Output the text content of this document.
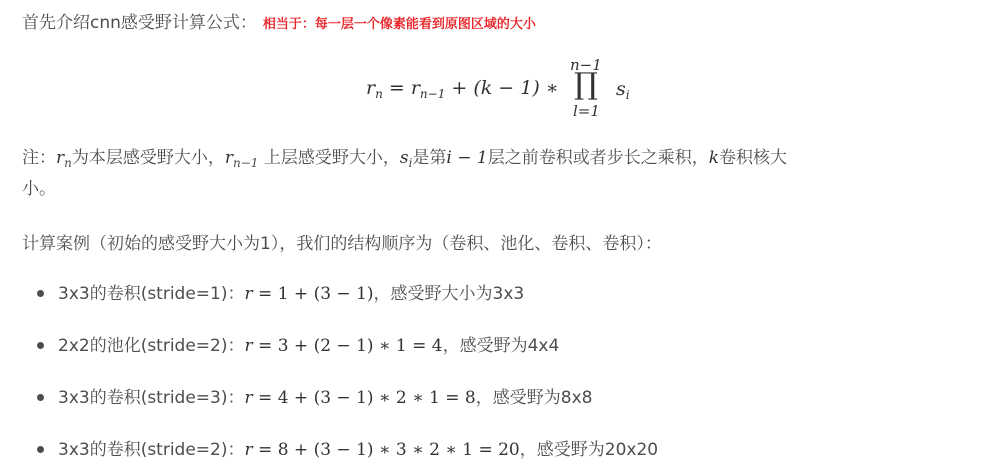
首先介绍cnn感受野计算公式： 相当于：每一层一个像素能看到原图区域的大小
$r_n = r_{n-1} + (k - 1)$ ∗
n−1
∏
l=1
$s_i$
注：$r_n$为本层感受野大小，$r_{n-1}$ 上层感受野大小，$s_i$是第i − 1层之前卷积或者步长之乘积，k卷积核大
小。
计算案例（初始的感受野大小为1），我们的结构顺序为（卷积、池化、卷积、卷积）：
3x3的卷积(stride=1)：r = 1 + (3 − 1)，感受野大小为3x3
2x2的池化(stride=2)：r = 3 + (2 − 1) ∗ 1 = 4，感受野为4x4
3x3的卷积(stride=3)：r = 4 + (3 − 1) ∗ 2 ∗ 1 = 8，感受野为8x8
3x3的卷积(stride=2)：r = 8 + (3 − 1) ∗ 3 ∗ 2 ∗ 1 = 20，感受野为20x20
